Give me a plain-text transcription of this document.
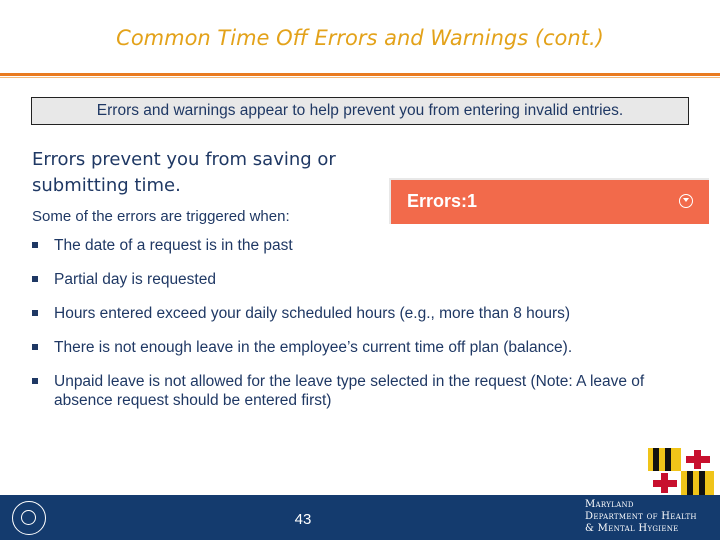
Common Time Off Errors and Warnings (cont.)
Errors and warnings appear to help prevent you from entering invalid entries.
Errors prevent you from saving or submitting time.
Errors:1
Some of the errors are triggered when:
The date of a request is in the past
Partial day is requested
Hours entered exceed your daily scheduled hours (e.g., more than 8 hours)
There is not enough leave in the employee’s current time off plan (balance).
Unpaid leave is not allowed for the leave type selected in the request (Note: A leave of absence request should be entered first)
43
Maryland
Department of Health
& Mental Hygiene
